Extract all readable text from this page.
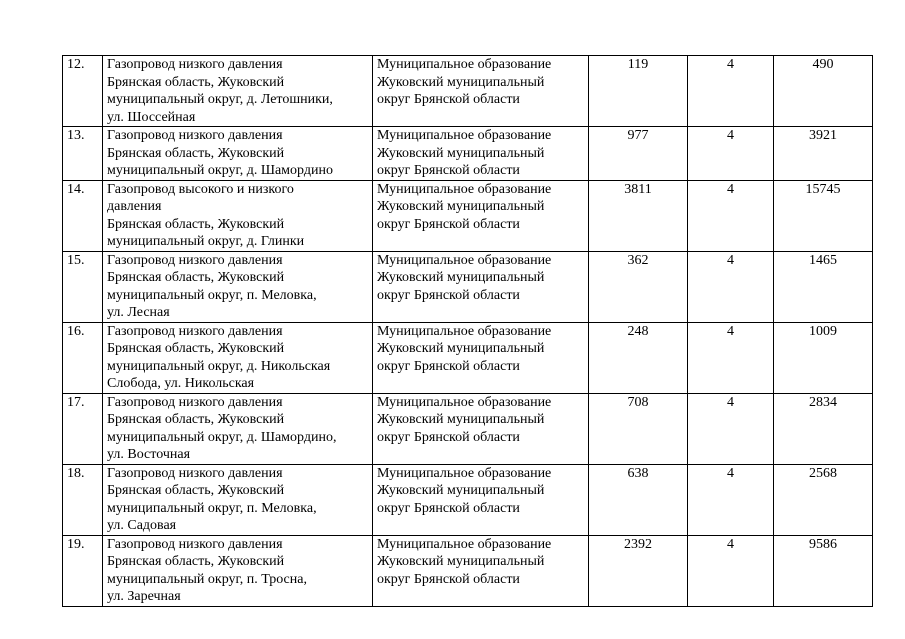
12.	Газопровод низкого давления
Брянская область, Жуковский
муниципальный округ, д. Летошники,
ул. Шоссейная	Муниципальное образование
Жуковский муниципальный
округ Брянской области	119	4	490
13.	Газопровод низкого давления
Брянская область, Жуковский
муниципальный округ, д. Шамордино	Муниципальное образование
Жуковский муниципальный
округ Брянской области	977	4	3921
14.	Газопровод высокого и низкого
давления
Брянская область, Жуковский
муниципальный округ, д. Глинки	Муниципальное образование
Жуковский муниципальный
округ Брянской области	3811	4	15745
15.	Газопровод низкого давления
Брянская область, Жуковский
муниципальный округ, п. Меловка,
ул. Лесная	Муниципальное образование
Жуковский муниципальный
округ Брянской области	362	4	1465
16.	Газопровод низкого давления
Брянская область, Жуковский
муниципальный округ, д. Никольская
Слобода, ул. Никольская	Муниципальное образование
Жуковский муниципальный
округ Брянской области	248	4	1009
17.	Газопровод низкого давления
Брянская область, Жуковский
муниципальный округ, д. Шамордино,
ул. Восточная	Муниципальное образование
Жуковский муниципальный
округ Брянской области	708	4	2834
18.	Газопровод низкого давления
Брянская область, Жуковский
муниципальный округ, п. Меловка,
ул. Садовая	Муниципальное образование
Жуковский муниципальный
округ Брянской области	638	4	2568
19.	Газопровод низкого давления
Брянская область, Жуковский
муниципальный округ, п. Тросна,
ул. Заречная	Муниципальное образование
Жуковский муниципальный
округ Брянской области	2392	4	9586
